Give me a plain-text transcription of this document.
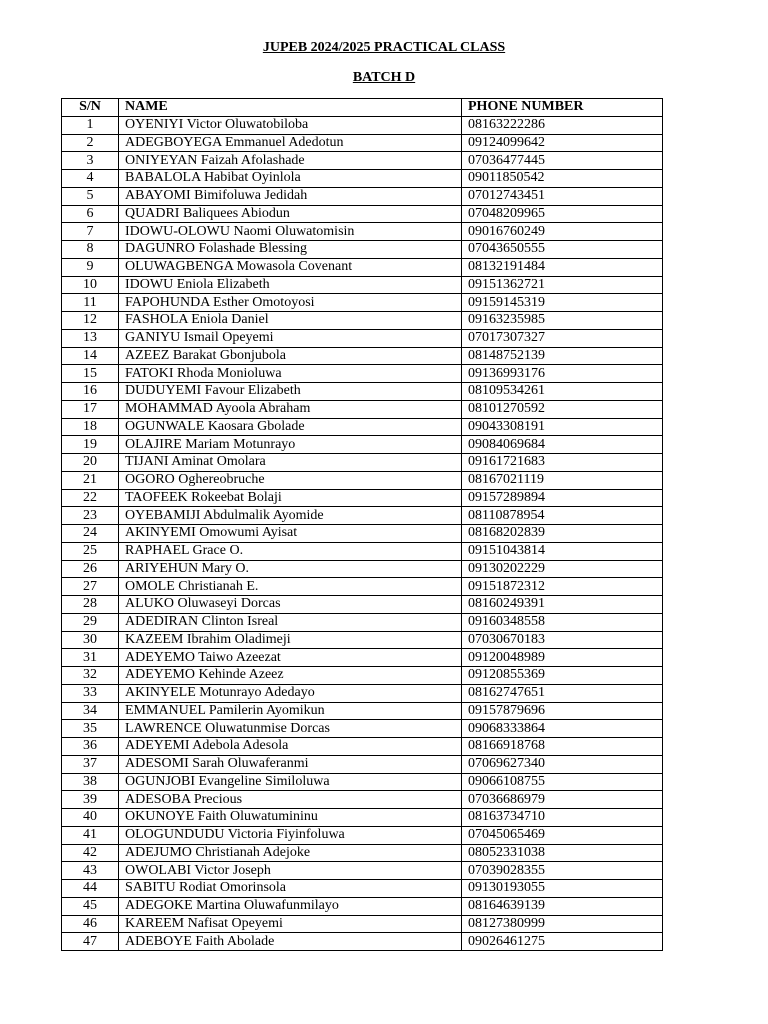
JUPEB 2024/2025 PRACTICAL CLASS
BATCH D
S/N	NAME	PHONE NUMBER
1	OYENIYI Victor Oluwatobiloba	08163222286
2	ADEGBOYEGA Emmanuel Adedotun	09124099642
3	ONIYEYAN Faizah Afolashade	07036477445
4	BABALOLA Habibat Oyinlola	09011850542
5	ABAYOMI Bimifoluwa Jedidah	07012743451
6	QUADRI Baliquees Abiodun	07048209965
7	IDOWU-OLOWU Naomi Oluwatomisin	09016760249
8	DAGUNRO Folashade Blessing	07043650555
9	OLUWAGBENGA Mowasola Covenant	08132191484
10	IDOWU Eniola Elizabeth	09151362721
11	FAPOHUNDA Esther Omotoyosi	09159145319
12	FASHOLA Eniola Daniel	09163235985
13	GANIYU Ismail Opeyemi	07017307327
14	AZEEZ Barakat Gbonjubola	08148752139
15	FATOKI Rhoda Monioluwa	09136993176
16	DUDUYEMI Favour Elizabeth	08109534261
17	MOHAMMAD Ayoola Abraham	08101270592
18	OGUNWALE Kaosara Gbolade	09043308191
19	OLAJIRE Mariam Motunrayo	09084069684
20	TIJANI Aminat Omolara	09161721683
21	OGORO Oghereobruche	08167021119
22	TAOFEEK Rokeebat Bolaji	09157289894
23	OYEBAMIJI Abdulmalik Ayomide	08110878954
24	AKINYEMI Omowumi Ayisat	08168202839
25	RAPHAEL Grace O.	09151043814
26	ARIYEHUN Mary O.	09130202229
27	OMOLE Christianah E.	09151872312
28	ALUKO Oluwaseyi Dorcas	08160249391
29	ADEDIRAN Clinton Isreal	09160348558
30	KAZEEM Ibrahim Oladimeji	07030670183
31	ADEYEMO Taiwo Azeezat	09120048989
32	ADEYEMO Kehinde Azeez	09120855369
33	AKINYELE Motunrayo Adedayo	08162747651
34	EMMANUEL Pamilerin Ayomikun	09157879696
35	LAWRENCE Oluwatunmise Dorcas	09068333864
36	ADEYEMI Adebola Adesola	08166918768
37	ADESOMI Sarah Oluwaferanmi	07069627340
38	OGUNJOBI Evangeline Similoluwa	09066108755
39	ADESOBA Precious	07036686979
40	OKUNOYE Faith Oluwatumininu	08163734710
41	OLOGUNDUDU Victoria Fiyinfoluwa	07045065469
42	ADEJUMO Christianah Adejoke	08052331038
43	OWOLABI Victor Joseph	07039028355
44	SABITU Rodiat Omorinsola	09130193055
45	ADEGOKE Martina Oluwafunmilayo	08164639139
46	KAREEM Nafisat Opeyemi	08127380999
47	ADEBOYE Faith Abolade	09026461275
